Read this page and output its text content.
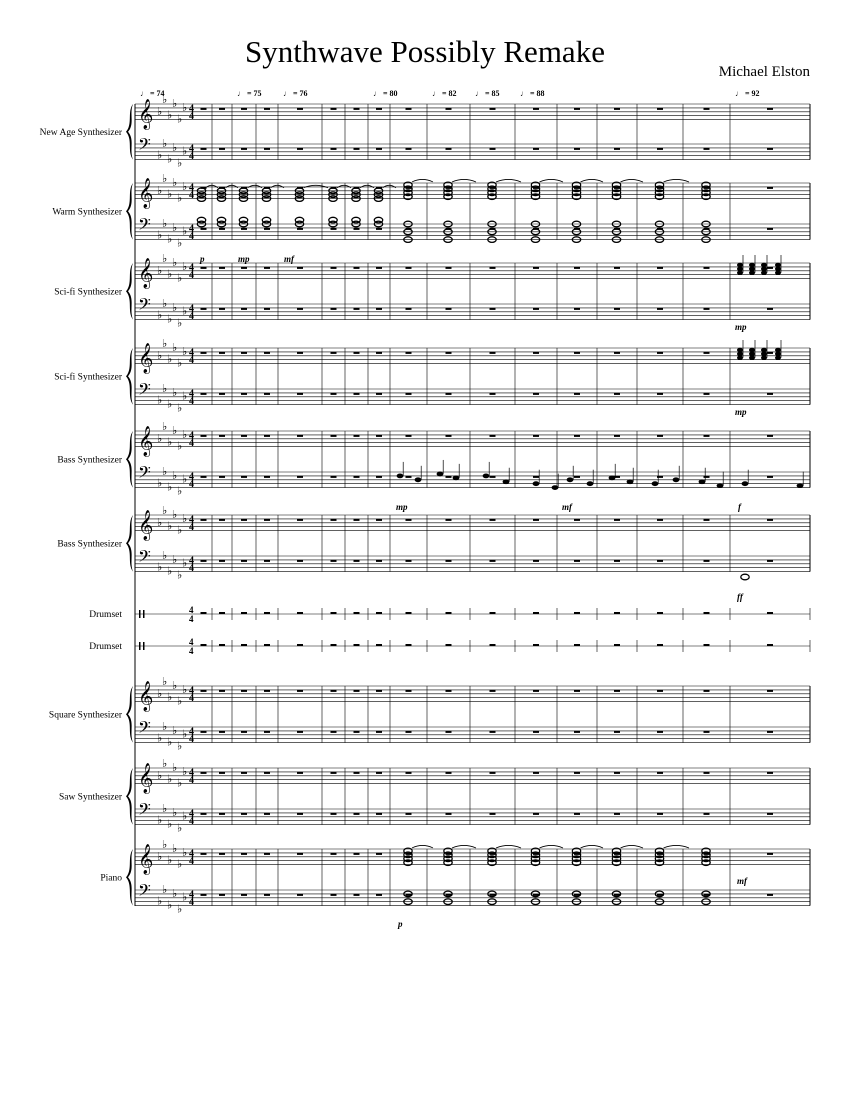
Synthwave Possibly Remake
Michael Elston
𝄞
𝄢
𝄞
𝄢
𝄞
𝄢
𝄞
𝄢
𝄞
𝄢
𝄞
𝄢
𝄞
𝄢
𝄞
𝄢
𝄞
𝄢
♭
♭
♭
♭
♭
♭
♭
♭
♭
♭
♭
♭
♭
♭
♭
♭
♭
♭
♭
♭
♭
♭
♭
♭
♭
♭
♭
♭
♭
♭
♭
♭
♭
♭
♭
♭
♭
♭
♭
♭
♭
♭
♭
♭
♭
♭
♭
♭
♭
♭
♭
♭
♭
♭
♭
♭
♭
♭
♭
♭
♭
♭
♭
♭
♭
♭
♭
♭
♭
♭
♭
♭
♭
♭
♭
♭
♭
♭
♭
♭
♭
♭
♭
♭
♭
♭
♭
♭
♭
♭
♭
♭
♭
♭
♭
♭
♭
♭
♭
♭
♭
♭
♭
♭
♭
♭
♭
♭
4
4
4
4
4
4
4
4
4
4
4
4
4
4
4
4
4
4
4
4
4
4
4
4
4
4
4
4
4
4
4
4
4
4
4
4
4
4
4
4
♩ = 74	♩ = 75	♩ = 76	♩ = 80	♩ = 82 ♩ = 85	♩ = 88	♩ = 92
New Age Synthesizer
Warm Synthesizer
Sci-fi Synthesizer
Sci-fi Synthesizer
Bass Synthesizer
Bass Synthesizer
Drumset
Drumset
Square Synthesizer
Saw Synthesizer
Piano
p	mp	mf
mp
mp
mp	mf	f
ff
p
mf
